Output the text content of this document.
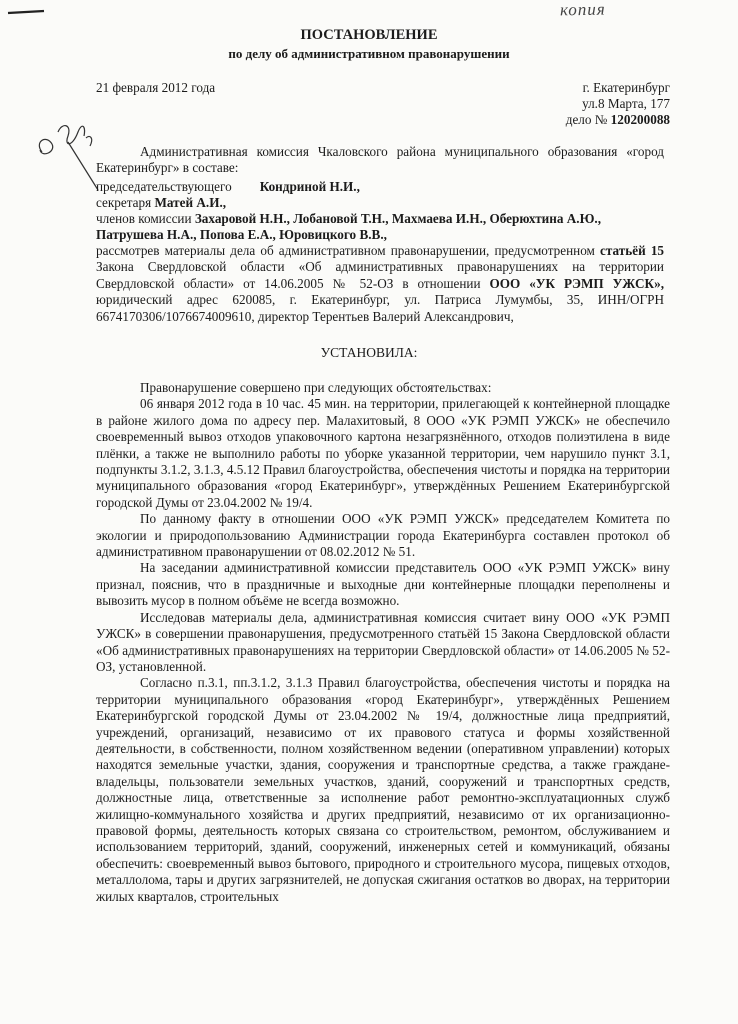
копия
ПОСТАНОВЛЕНИЕ
по делу об административном правонарушении
21 февраля 2012 года	г. Екатеринбург
ул.8 Марта, 177
дело № 120200088
Административная комиссия Чкаловского района муниципального образования «город Екатеринбург» в составе:
председательствующего Кондриной Н.И.,
секретаря Матей А.И.,
членов комиссии Захаровой Н.Н., Лобановой Т.Н., Махмаева И.Н., Оберюхтина А.Ю.,
Патрушева Н.А., Попова Е.А., Юровицкого В.В.,
рассмотрев материалы дела об административном правонарушении, предусмотренном статьёй 15 Закона Свердловской области «Об административных правонарушениях на территории Свердловской области» от 14.06.2005 № 52-ОЗ в отношении ООО «УК РЭМП УЖСК», юридический адрес 620085, г. Екатеринбург, ул. Патриса Лумумбы, 35, ИНН/ОГРН 6674170306/1076674009610, директор Терентьев Валерий Александрович,
УСТАНОВИЛА:

Правонарушение совершено при следующих обстоятельствах:

06 января 2012 года в 10 час. 45 мин. на территории, прилегающей к контейнерной площадке в районе жилого дома по адресу пер. Малахитовый, 8 ООО «УК РЭМП УЖСК» не обеспечило своевременный вывоз отходов упаковочного картона незагрязнённого, отходов полиэтилена в виде плёнки, а также не выполнило работы по уборке указанной территории, чем нарушило пункт 3.1, подпункты 3.1.2, 3.1.3, 4.5.12 Правил благоустройства, обеспечения чистоты и порядка на территории муниципального образования «город Екатеринбург», утверждённых Решением Екатеринбургской городской Думы от 23.04.2002 № 19/4.

По данному факту в отношении ООО «УК РЭМП УЖСК» председателем Комитета по экологии и природопользованию Администрации города Екатеринбурга составлен протокол об административном правонарушении от 08.02.2012 № 51.

На заседании административной комиссии представитель ООО «УК РЭМП УЖСК» вину признал, пояснив, что в праздничные и выходные дни контейнерные площадки переполнены и вывозить мусор в полном объёме не всегда возможно.

Исследовав материалы дела, административная комиссия считает вину ООО «УК РЭМП УЖСК» в совершении правонарушения, предусмотренного статьёй 15 Закона Свердловской области «Об административных правонарушениях на территории Свердловской области» от 14.06.2005 № 52-ОЗ, установленной.

Согласно п.3.1, пп.3.1.2, 3.1.3 Правил благоустройства, обеспечения чистоты и порядка на территории муниципального образования «город Екатеринбург», утверждённых Решением Екатеринбургской городской Думы от 23.04.2002 № 19/4, должностные лица предприятий, учреждений, организаций, независимо от их правового статуса и формы хозяйственной деятельности, в собственности, полном хозяйственном ведении (оперативном управлении) которых находятся земельные участки, здания, сооружения и транспортные средства, а также граждане-владельцы, пользователи земельных участков, зданий, сооружений и транспортных средств, должностные лица, ответственные за исполнение работ ремонтно-эксплуатационных служб жилищно-коммунального хозяйства и других предприятий, независимо от их организационно-правовой формы, деятельность которых связана со строительством, ремонтом, обслуживанием и использованием территорий, зданий, сооружений, инженерных сетей и коммуникаций, обязаны обеспечить: своевременный вывоз бытового, природного и строительного мусора, пищевых отходов, металлолома, тары и других загрязнителей, не допуская сжигания остатков во дворах, на территории жилых кварталов, строительных
